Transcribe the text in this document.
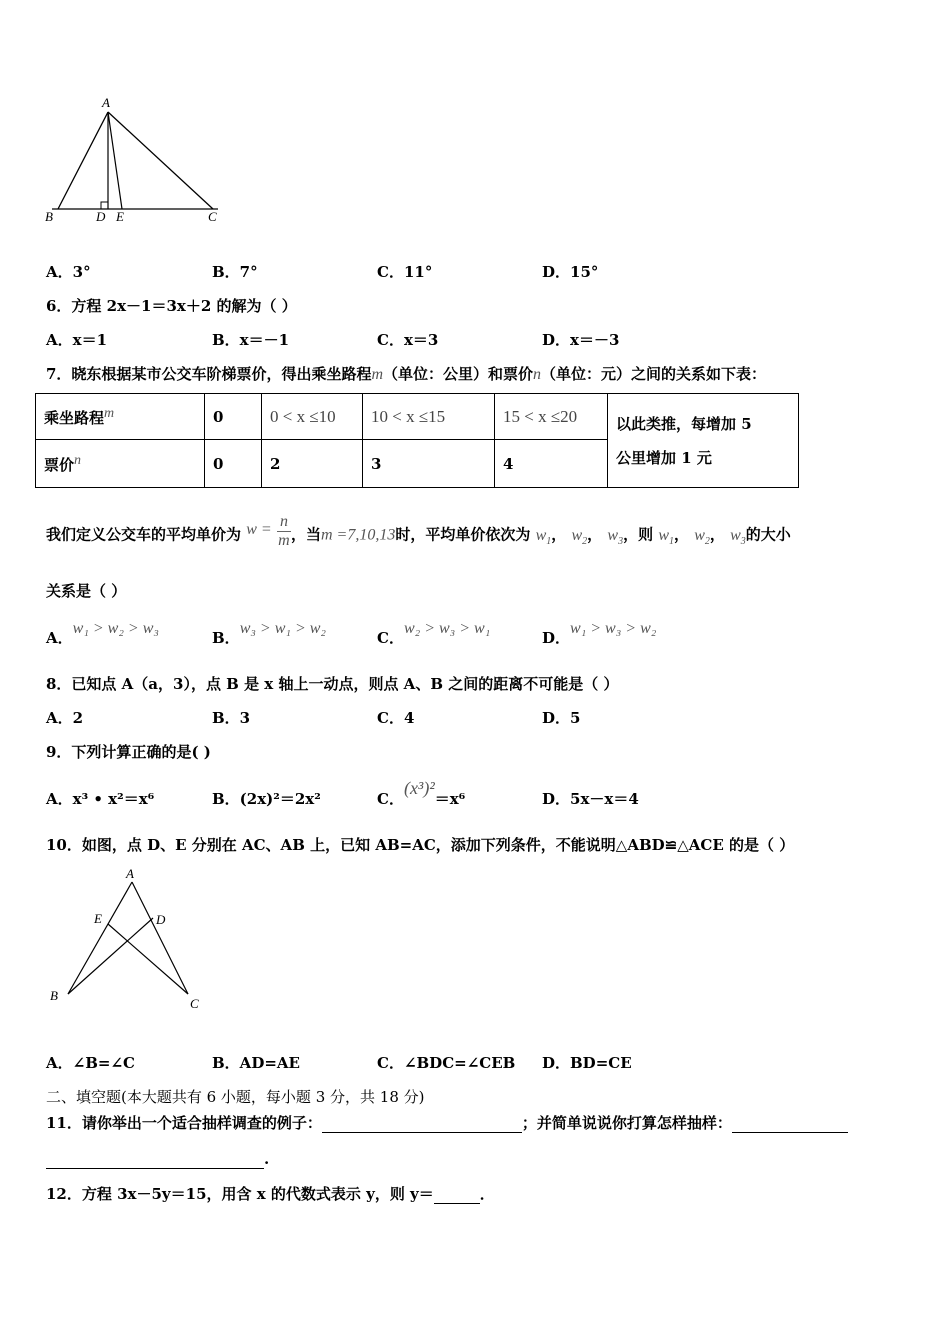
A
B	D E	C
A．3°	B．7°	C．11°	D．15°
6．方程 2x－1＝3x＋2 的解为（ ）
A．x＝1	B．x＝－1	C．x＝3	D．x＝－3
7．晓东根据某市公交车阶梯票价，得出乘坐路程m（单位：公里）和票价n（单位：元）之间的关系如下表：
乘坐路程$^m$	0	0 < x ≤10	10 < x ≤15	15 < x ≤20	以此类推，每增加 5
公里增加 1 元

票价$^n$	0	2	3	4	
我们定义公交车的平均单价为 $w = \frac{n}{m}$ ，当m =7,10,13时，平均单价依次为 $w_1$， $w_2$， $w_3$，则 $w_1$， $w_2$， $w_3$的大小
关系是（ ）
A．w₁ > w₂ > w₃
B．w₃ > w₁ > w₂
C．w₂ > w₃ > w₁
D．w₁ > w₃ > w₂
8．已知点 A（a，3），点 B 是 x 轴上一动点，则点 A、B 之间的距离不可能是（ ）
A．2	B．3	C．4	D．5
9．下列计算正确的是( )
A．x³ • x²＝x⁶	B．(2x)²＝2x²	C．(x³)²＝x⁶	D．5x－x＝4
10．如图，点 D、E 分别在 AC、AB 上，已知 AB=AC，添加下列条件，不能说明△ABD≌△ACE 的是（ ）
A
E	D
B
C
A．∠B=∠C	B．AD=AE	C．∠BDC=∠CEB D．BD=CE
二、填空题(本大题共有 6 小题，每小题 3 分，共 18 分)
11．请你举出一个适合抽样调查的例子：	；并简单说说你打算怎样抽样：
.
12．方程 3x－5y＝15，用含 x 的代数式表示 y，则 y＝	．
